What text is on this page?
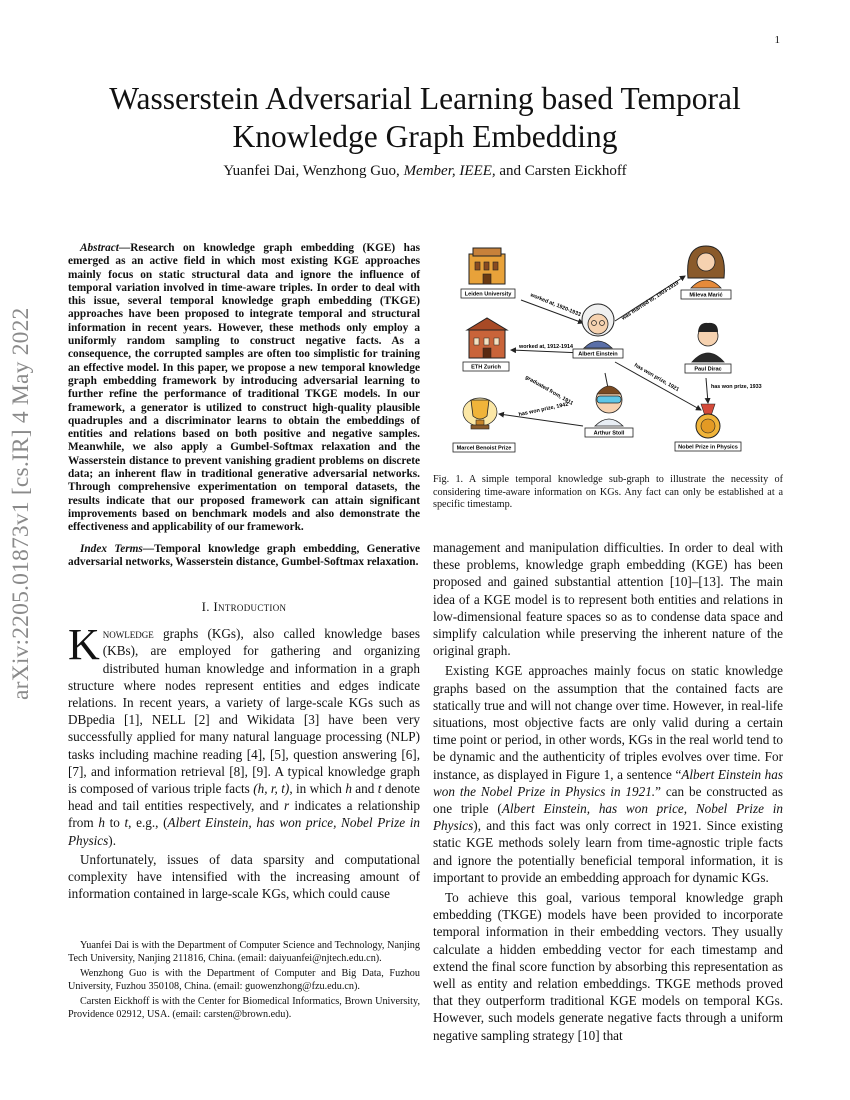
1
arXiv:2205.01873v1 [cs.IR] 4 May 2022
Wasserstein Adversarial Learning based Temporal Knowledge Graph Embedding
Yuanfei Dai, Wenzhong Guo, Member, IEEE, and Carsten Eickhoff

Abstract—Research on knowledge graph embedding (KGE) has emerged as an active field in which most existing KGE approaches mainly focus on static structural data and ignore the influence of temporal variation involved in time-aware triples. In order to deal with this issue, several temporal knowledge graph embedding (TKGE) approaches have been proposed to integrate temporal and structural information in recent years. However, these methods only employ a uniformly random sampling to construct negative facts. As a consequence, the corrupted samples are often too simplistic for training an effective model. In this paper, we propose a new temporal knowledge graph embedding framework by introducing adversarial learning to further refine the performance of traditional TKGE models. In our framework, a generator is utilized to construct high-quality plausible quadruples and a discriminator learns to obtain the embeddings of entities and relations based on both positive and negative samples. Meanwhile, we also apply a Gumbel-Softmax relaxation and the Wasserstein distance to prevent vanishing gradient problems on discrete data; an inherent flaw in traditional generative adversarial networks. Through comprehensive experimentation on temporal datasets, the results indicate that our proposed framework can attain significant improvements based on benchmark models and also demonstrate the effectiveness and applicability of our framework.

Index Terms—Temporal knowledge graph embedding, Generative adversarial networks, Wasserstein distance, Gumbel-Softmax relaxation.

I. Introduction

Knowledge graphs (KGs), also called knowledge bases (KBs), are employed for gathering and organizing distributed human knowledge and information in a graph structure where nodes represent entities and edges indicate relations. In recent years, a variety of large-scale KGs such as DBpedia [1], NELL [2] and Wikidata [3] have been very successfully applied for many natural language processing (NLP) tasks including machine reading [4], [5], question answering [6], [7], and information retrieval [8], [9]. A typical knowledge graph is composed of various triple facts (h, r, t), in which h and t denote head and tail entities respectively, and r indicates a relationship from h to t, e.g., (Albert Einstein, has won price, Nobel Prize in Physics).

Unfortunately, issues of data sparsity and computational complexity have intensified with the increasing amount of information contained in large-scale KGs, which could cause

Yuanfei Dai is with the Department of Computer Science and Technology, Nanjing Tech University, Nanjing 211816, China. (email: daiyuanfei@njtech.edu.cn).

Wenzhong Guo is with the Department of Computer and Big Data, Fuzhou University, Fuzhou 350108, China. (email: guowenzhong@fzu.edu.cn).

Carsten Eickhoff is with the Center for Biomedical Informatics, Brown University, Providence 02912, USA. (email: carsten@brown.edu).

worked at, 1920-1933	was married to, 1903-1919
worked at, 1912-1914
graduated from, 1911	has won prize, 1921	has won prize, 1933
has won prize, 1942
Leiden University
Albert Einstein
Mileva Marić
ETH Zurich	Paul Dirac
Arthur Stoll
Nobel Prize in Physics
Marcel Benoist Prize

Fig. 1. A simple temporal knowledge sub-graph to illustrate the necessity of considering time-aware information on KGs. Any fact can only be established at a specific timestamp.

management and manipulation difficulties. In order to deal with these problems, knowledge graph embedding (KGE) has been proposed and gained substantial attention [10]–[13]. The main idea of a KGE model is to represent both entities and relations in low-dimensional feature spaces so as to condense data space and simplify calculation while preserving the inherent nature of the original graph.

Existing KGE approaches mainly focus on static knowledge graphs based on the assumption that the contained facts are statically true and will not change over time. However, in real-life situations, most objective facts are only valid during a certain time point or period, in other words, KGs in the real world tend to be dynamic and the authenticity of triples evolves over time. For instance, as displayed in Figure 1, a sentence “Albert Einstein has won the Nobel Prize in Physics in 1921.” can be constructed as one triple (Albert Einstein, has won price, Nobel Prize in Physics), and this fact was only correct in 1921. Since existing static KGE methods solely learn from time-agnostic triple facts and ignore the potentially beneficial temporal information, it is important to provide an embedding approach for dynamic KGs.

To achieve this goal, various temporal knowledge graph embedding (TKGE) models have been provided to incorporate temporal information in their embedding vectors. They usually calculate a hidden embedding vector for each timestamp and extend the final score function by absorbing this representation as well as entity and relation embeddings. TKGE methods proved that they outperform traditional KGE models on temporal KGs. However, such models generate negative facts through a uniform negative sampling strategy [10] that
